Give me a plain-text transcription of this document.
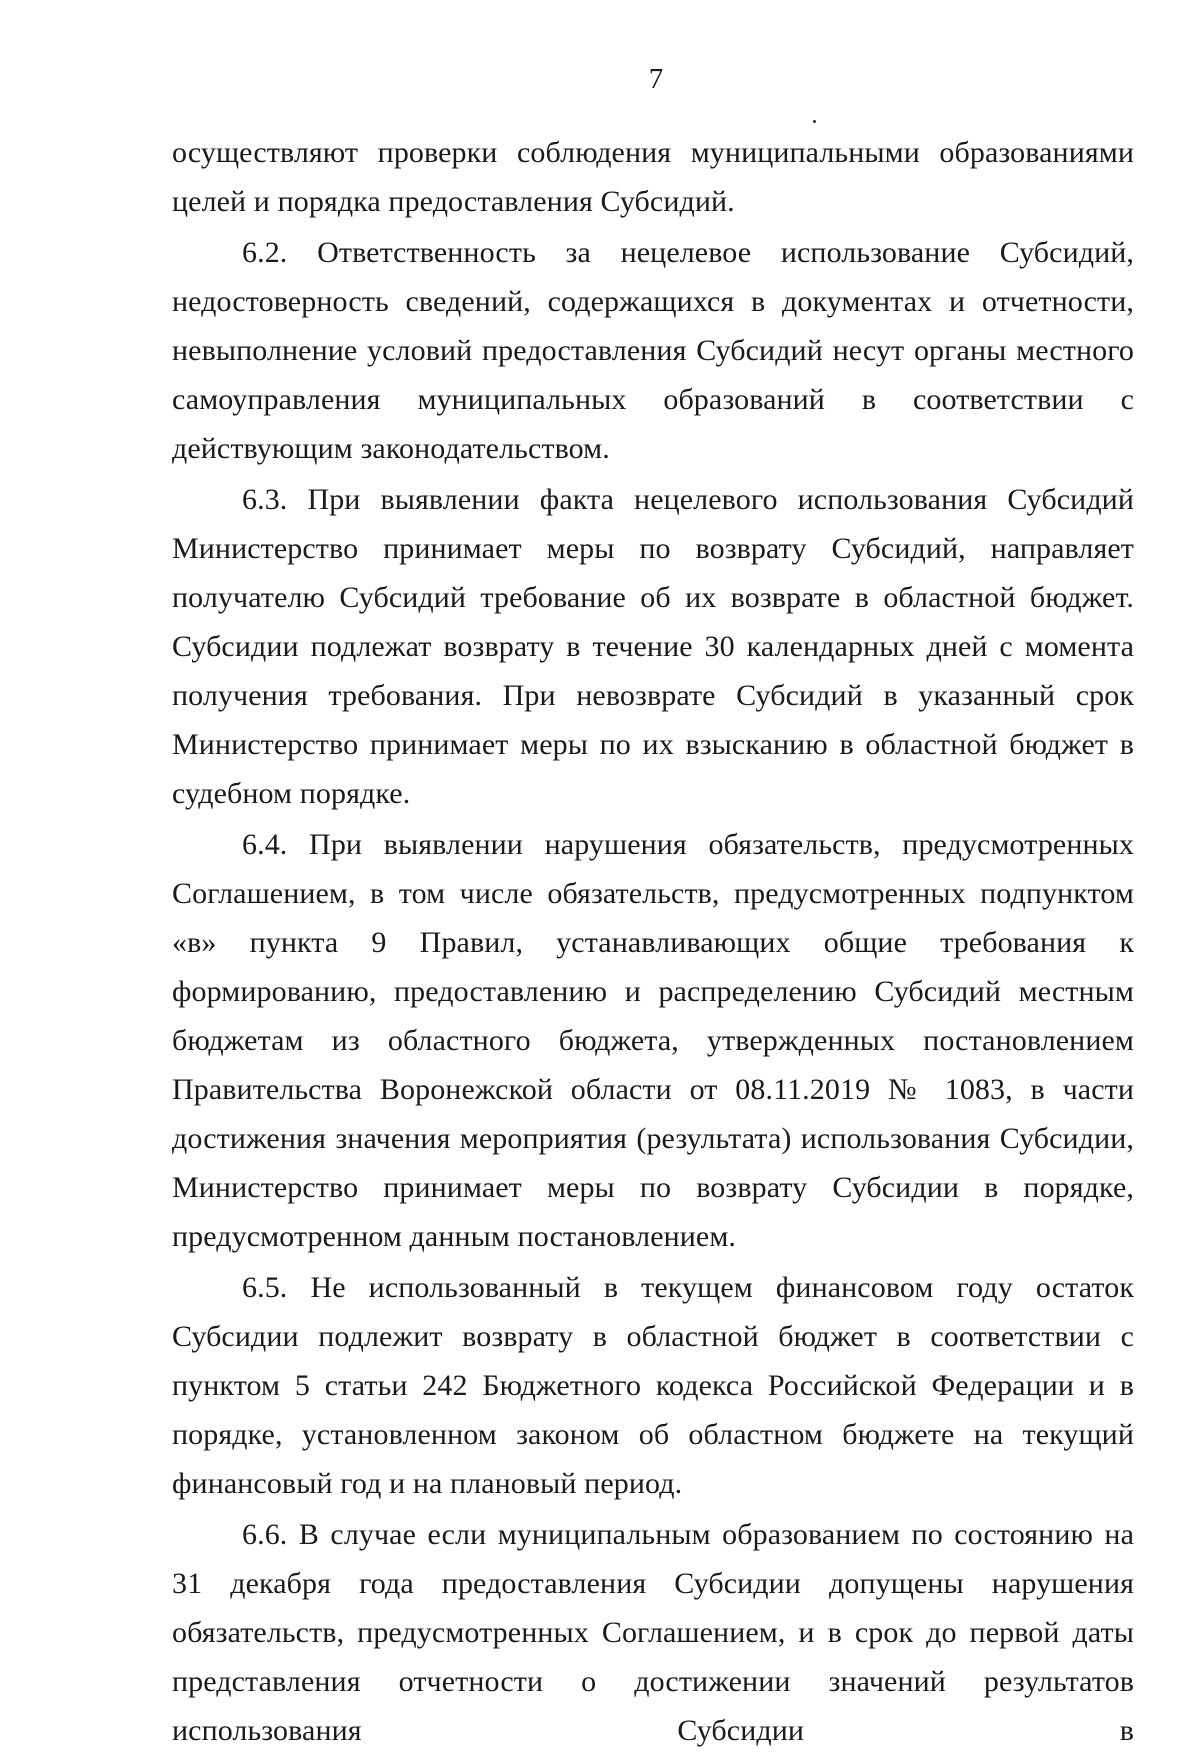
7

осуществляют проверки соблюдения муниципальными образованиями целей и порядка предоставления Субсидий.

6.2. Ответственность за нецелевое использование Субсидий, недостоверность сведений, содержащихся в документах и отчетности, невыполнение условий предоставления Субсидий несут органы местного самоуправления муниципальных образований в соответствии с действующим законодательством.

6.3. При выявлении факта нецелевого использования Субсидий Министерство принимает меры по возврату Субсидий, направляет получателю Субсидий требование об их возврате в областной бюджет. Субсидии подлежат возврату в течение 30 календарных дней с момента получения требования. При невозврате Субсидий в указанный срок Министерство принимает меры по их взысканию в областной бюджет в судебном порядке.

6.4. При выявлении нарушения обязательств, предусмотренных Соглашением, в том числе обязательств, предусмотренных подпунктом «в» пункта 9 Правил, устанавливающих общие требования к формированию, предоставлению и распределению Субсидий местным бюджетам из областного бюджета, утвержденных постановлением Правительства Воронежской области от 08.11.2019 № 1083, в части достижения значения мероприятия (результата) использования Субсидии, Министерство принимает меры по возврату Субсидии в порядке, предусмотренном данным постановлением.

6.5. Не использованный в текущем финансовом году остаток Субсидии подлежит возврату в областной бюджет в соответствии с пунктом 5 статьи 242 Бюджетного кодекса Российской Федерации и в порядке, установленном законом об областном бюджете на текущий финансовый год и на плановый период.

6.6. В случае если муниципальным образованием по состоянию на 31 декабря года предоставления Субсидии допущены нарушения обязательств, предусмотренных Соглашением, и в срок до первой даты представления отчетности о достижении значений результатов использования Субсидии в
